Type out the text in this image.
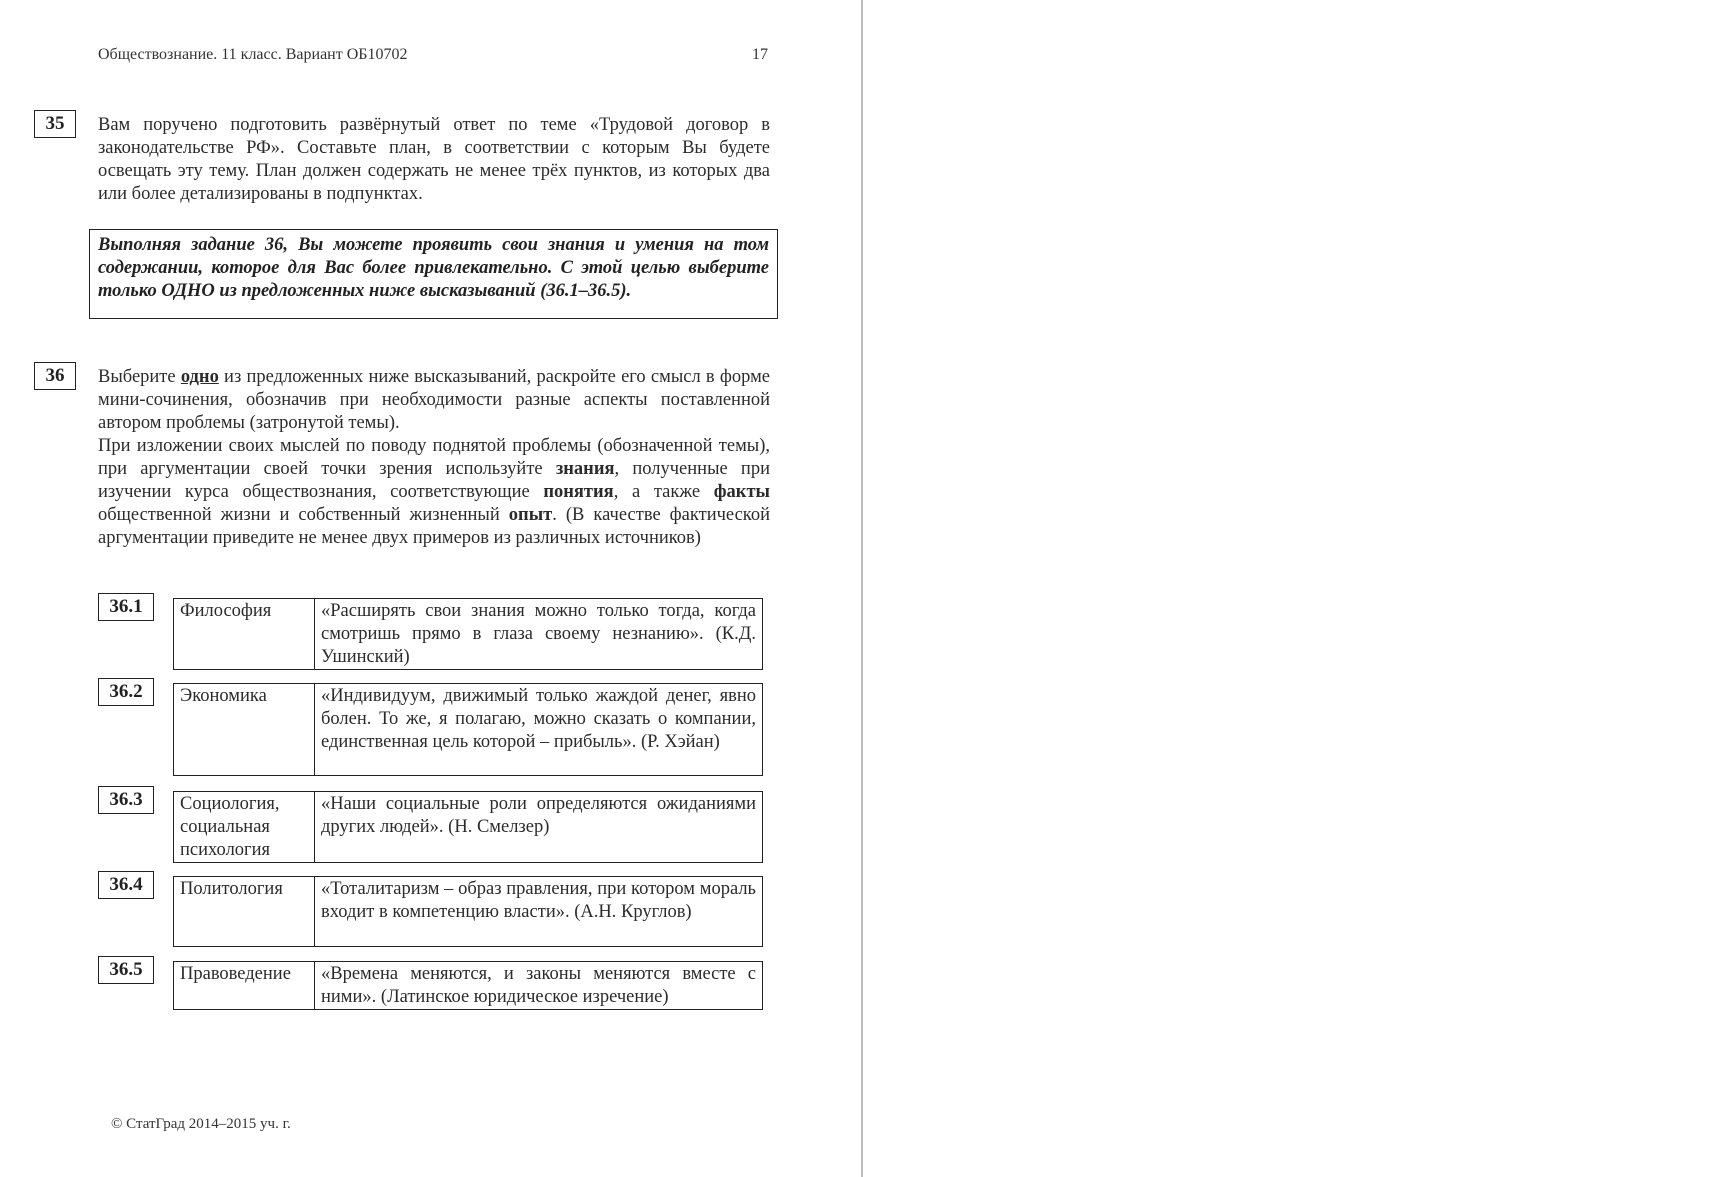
Обществознание. 11 класс. Вариант ОБ10702	17
35	Вам поручено подготовить развёрнутый ответ по теме «Трудовой договор в законодательстве РФ». Составьте план, в соответствии с которым Вы будете освещать эту тему. План должен содержать не менее трёх пунктов, из которых два или более детализированы в подпунктах.

Выполняя задание 36, Вы можете проявить свои знания и умения на том содержании, которое для Вас более привлекательно. С этой целью выберите только ОДНО из предложенных ниже высказываний (36.1–36.5).
36	Выберите одно из предложенных ниже высказываний, раскройте его смысл в форме мини-сочинения, обозначив при необходимости разные аспекты поставленной автором проблемы (затронутой темы).

При изложении своих мыслей по поводу поднятой проблемы (обозначенной темы), при аргументации своей точки зрения используйте знания, полученные при изучении курса обществознания, соответствующие понятия, а также факты общественной жизни и собственный жизненный опыт. (В качестве фактической аргументации приведите не менее двух примеров из различных источников)

36.1	Философия	«Расширять свои знания можно только тогда, когда смотришь прямо в глаза своему незнанию». (К.Д. Ушинский)
36.2	Экономика	«Индивидуум, движимый только жаждой денег, явно болен. То же, я полагаю, можно сказать о компании, единственная цель которой – прибыль». (Р. Хэйан)
36.3	Социология, социальная психология	«Наши социальные роли определяются ожиданиями других людей». (Н. Смелзер)
36.4	Политология	«Тоталитаризм – образ правления, при котором мораль входит в компетенцию власти». (А.Н. Круглов)
36.5	Правоведение	«Времена меняются, и законы меняются вместе с ними». (Латинское юридическое изречение)
© СтатГрад 2014–2015 уч. г.
